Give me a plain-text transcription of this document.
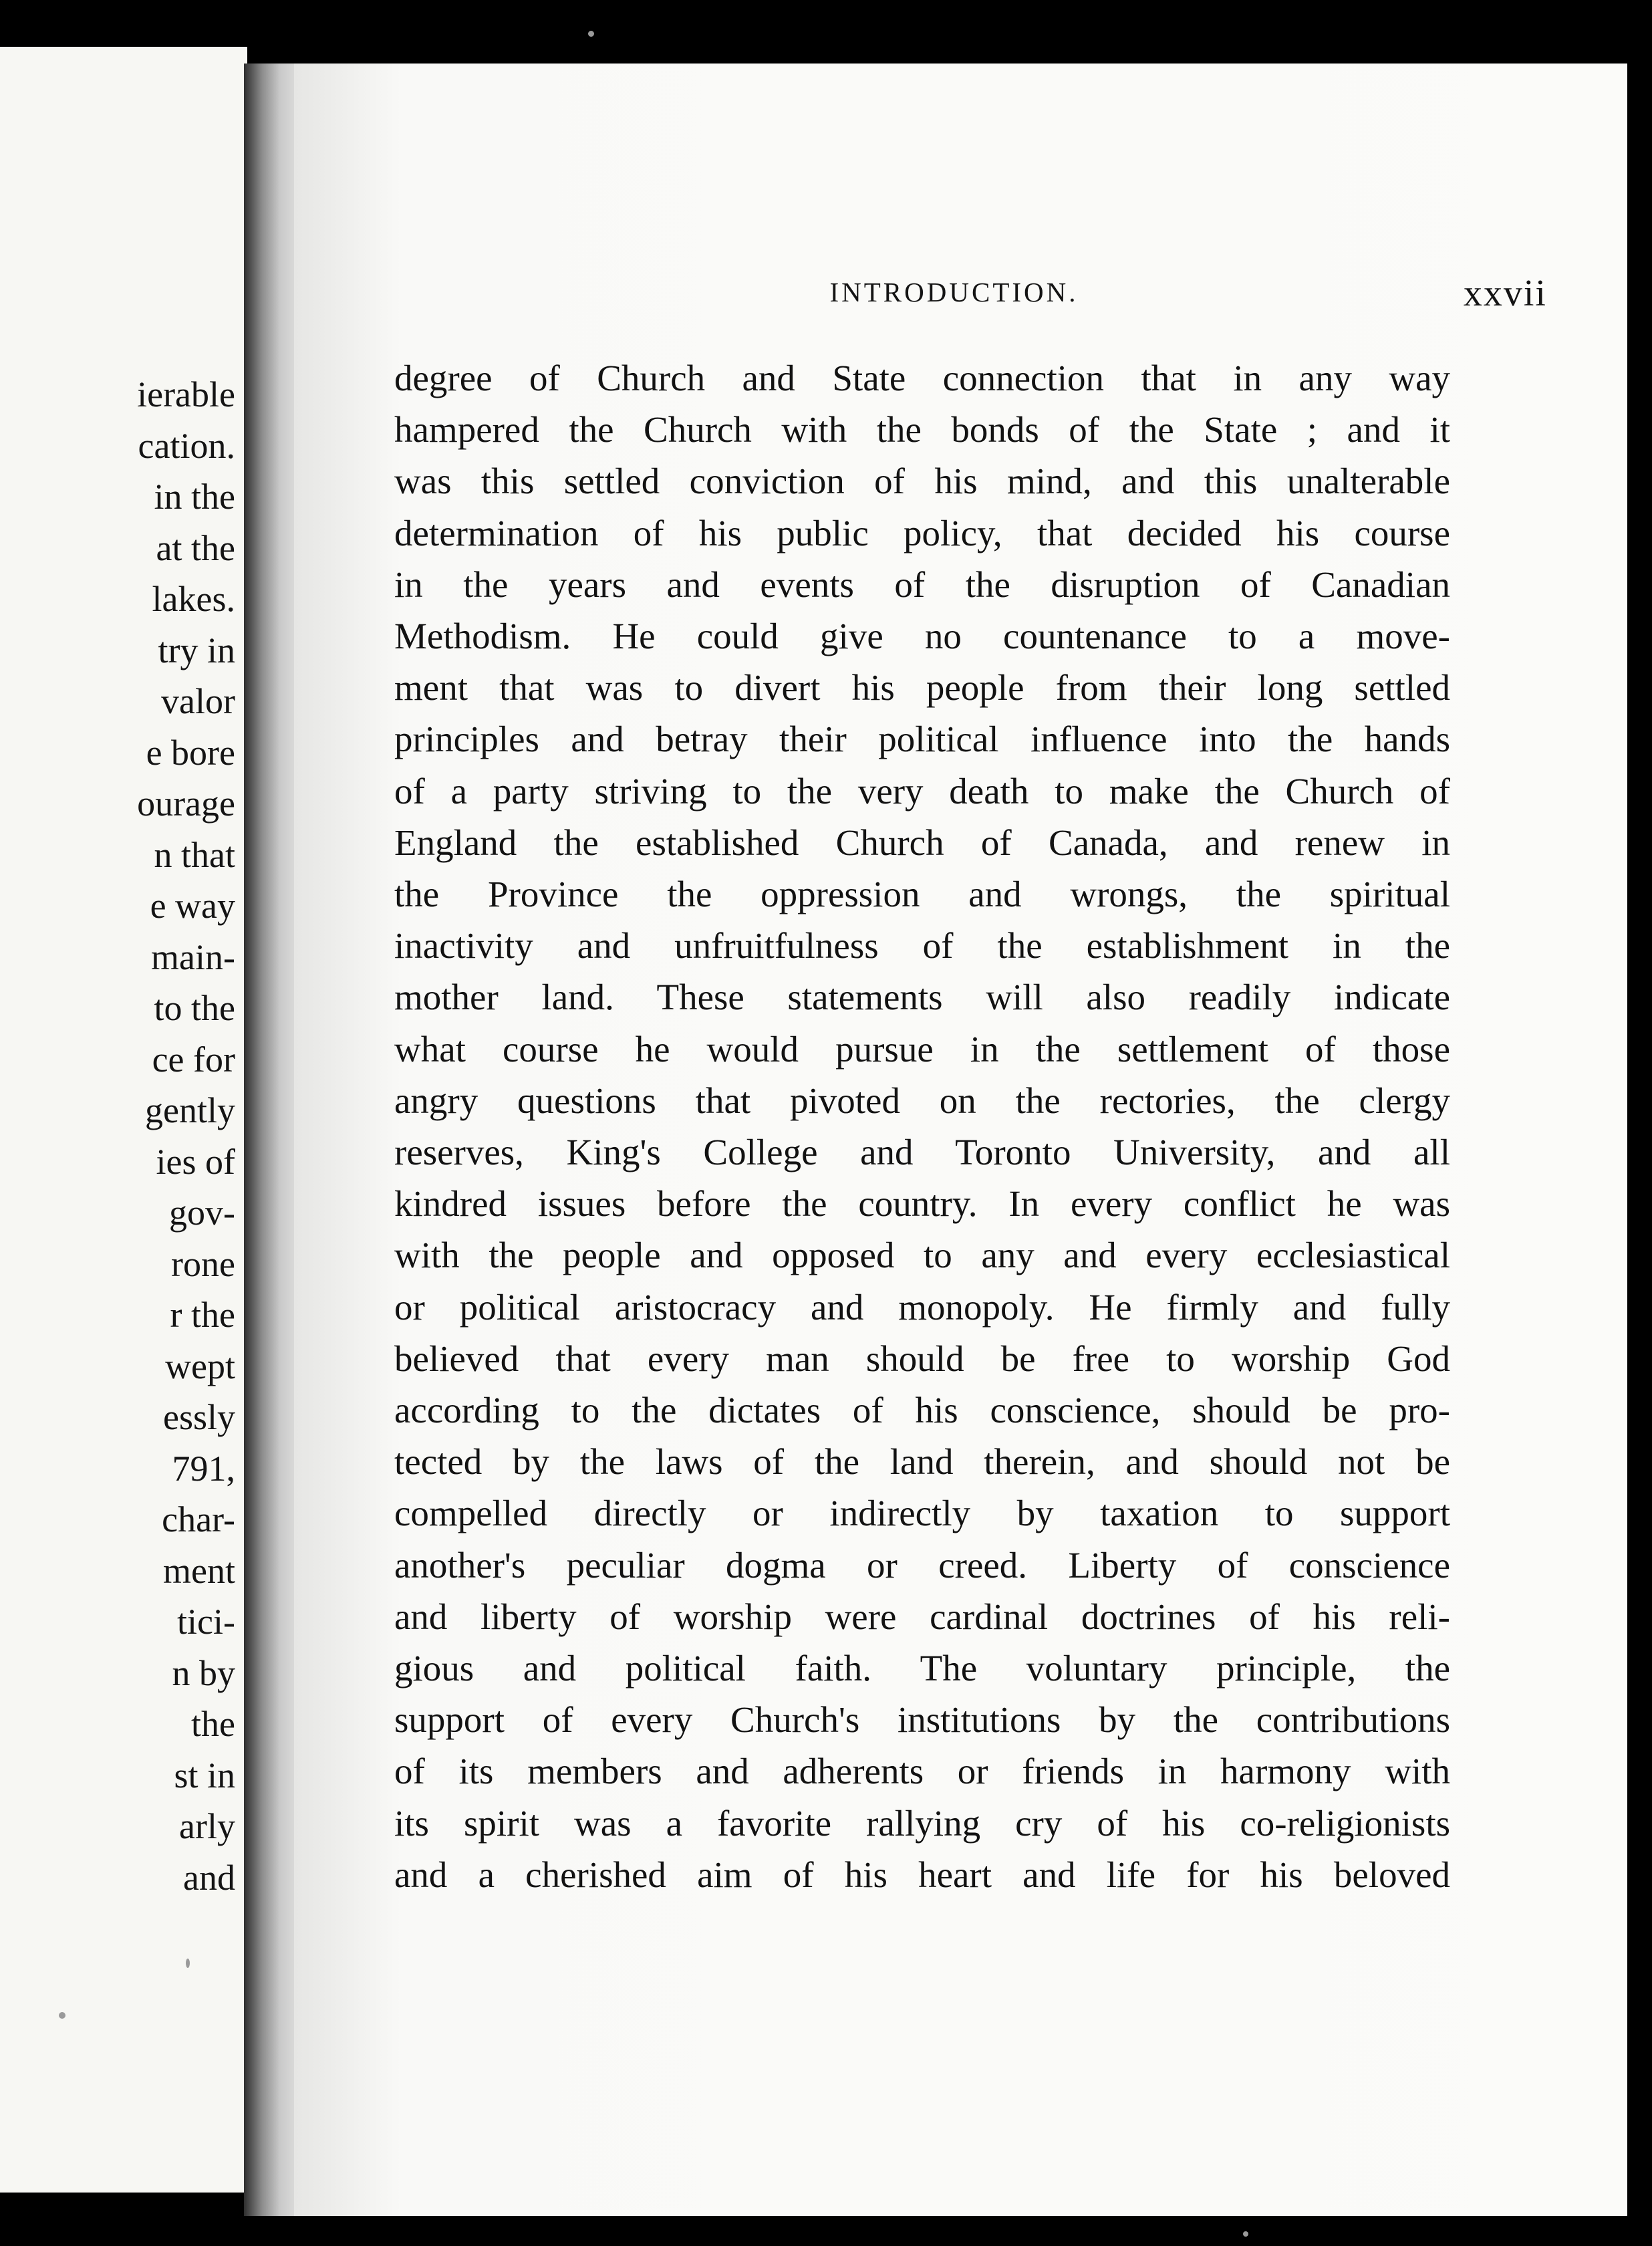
ierable
cation.
in the
at the
lakes.
try in
valor
e bore
ourage
n that
e way
main-
to the
ce for
gently
ies of
gov-
rone
r the
wept
essly
791,
char-
ment
tici-
n by
the
st in
arly
and
INTRODUCTION.	xxvii
degree of Church and State connection that in any way
hampered the Church with the bonds of the State ; and it
was this settled conviction of his mind, and this unalterable
determination of his public policy, that decided his course
in the years and events of the disruption of Canadian
Methodism. He could give no countenance to a move-
ment that was to divert his people from their long settled
principles and betray their political influence into the hands
of a party striving to the very death to make the Church of
England the established Church of Canada, and renew in
the Province the oppression and wrongs, the spiritual
inactivity and unfruitfulness of the establishment in the
mother land. These statements will also readily indicate
what course he would pursue in the settlement of those
angry questions that pivoted on the rectories, the clergy
reserves, King's College and Toronto University, and all
kindred issues before the country. In every conflict he was
with the people and opposed to any and every ecclesiastical
or political aristocracy and monopoly. He firmly and fully
believed that every man should be free to worship God
according to the dictates of his conscience, should be pro-
tected by the laws of the land therein, and should not be
compelled directly or indirectly by taxation to support
another's peculiar dogma or creed. Liberty of conscience
and liberty of worship were cardinal doctrines of his reli-
gious and political faith. The voluntary principle, the
support of every Church's institutions by the contributions
of its members and adherents or friends in harmony with
its spirit was a favorite rallying cry of his co-religionists
and a cherished aim of his heart and life for his beloved
